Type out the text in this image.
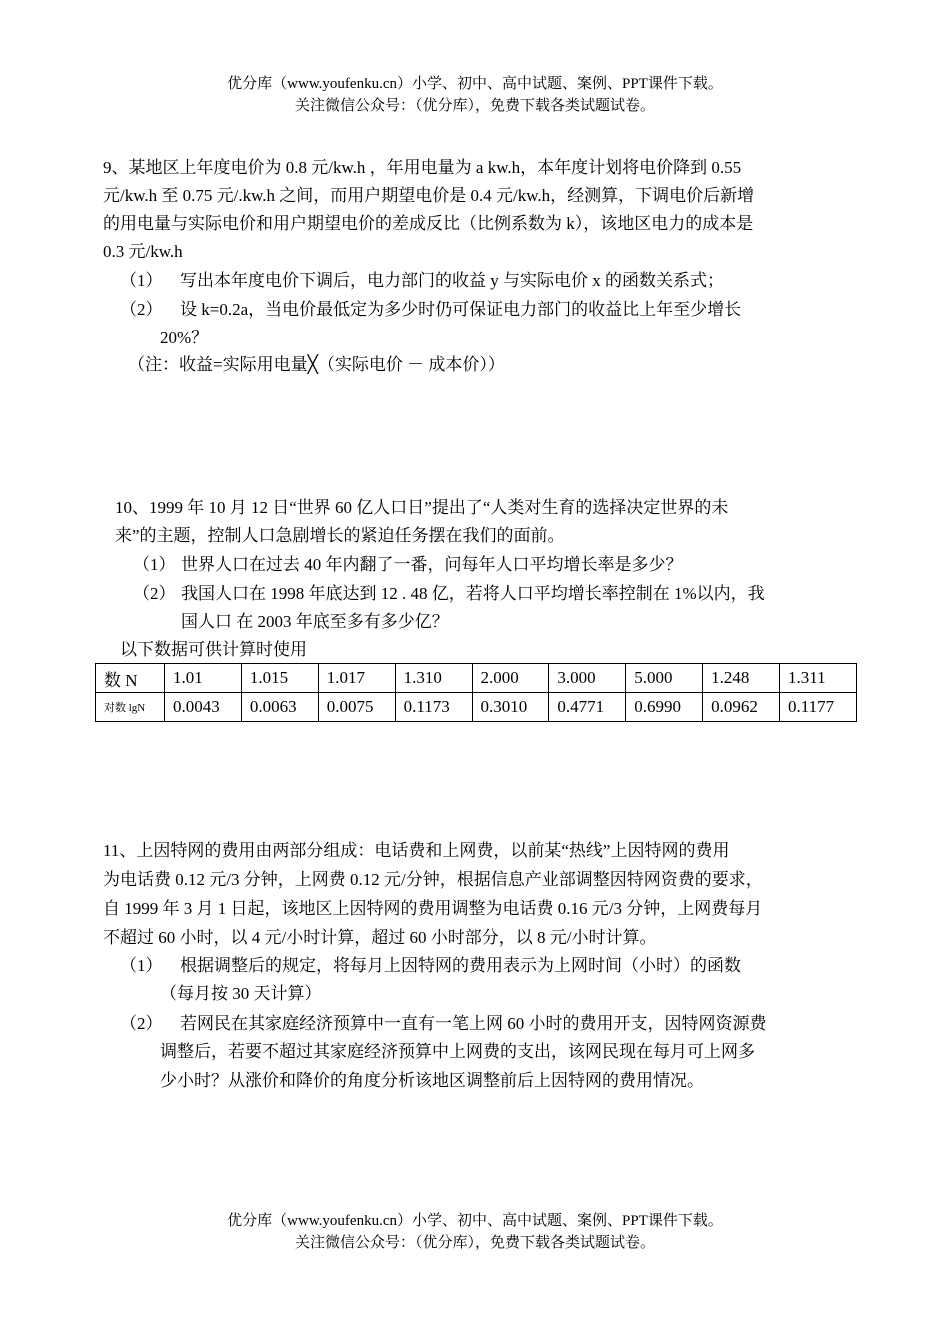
优分库（www.youfenku.cn）小学、初中、高中试题、案例、PPT课件下载。
关注微信公众号：（优分库），免费下载各类试题试卷。
9、某地区上年度电价为 0.8 元/kw.h ，年用电量为 a kw.h，本年度计划将电价降到 0.55
元/kw.h 至 0.75 元/.kw.h 之间，而用户期望电价是 0.4 元/kw.h，经测算，下调电价后新增
的用电量与实际电价和用户期望电价的差成反比（比例系数为 k），该地区电力的成本是
0.3 元/kw.h
（1） 写出本年度电价下调后，电力部门的收益 y 与实际电价 x 的函数关系式；
（2） 设 k=0.2a，当电价最低定为多少时仍可保证电力部门的收益比上年至少增长
20%？
（注：收益=实际用电量╳（实际电价 － 成本价））
10、1999 年 10 月 12 日“世界 60 亿人口日”提出了“人类对生育的选择决定世界的未
来”的主题，控制人口急剧增长的紧迫任务摆在我们的面前。
（1） 世界人口在过去 40 年内翻了一番，问每年人口平均增长率是多少？
（2） 我国人口在 1998 年底达到 12 . 48 亿，若将人口平均增长率控制在 1%以内，我
国人口 在 2003 年底至多有多少亿？
以下数据可供计算时使用
数 N	1.01	1.015	1.017	1.310	2.000	3.000	5.000	1.248	1.311
对数 lgN	0.0043	0.0063	0.0075	0.1173	0.3010	0.4771	0.6990	0.0962	0.1177
11、上因特网的费用由两部分组成：电话费和上网费，以前某“热线”上因特网的费用
为电话费 0.12 元/3 分钟，上网费 0.12 元/分钟，根据信息产业部调整因特网资费的要求，
自 1999 年 3 月 1 日起，该地区上因特网的费用调整为电话费 0.16 元/3 分钟，上网费每月
不超过 60 小时，以 4 元/小时计算，超过 60 小时部分，以 8 元/小时计算。
（1） 根据调整后的规定，将每月上因特网的费用表示为上网时间（小时）的函数
（每月按 30 天计算）
（2） 若网民在其家庭经济预算中一直有一笔上网 60 小时的费用开支，因特网资源费
调整后，若要不超过其家庭经济预算中上网费的支出，该网民现在每月可上网多
少小时？从涨价和降价的角度分析该地区调整前后上因特网的费用情况。
优分库（www.youfenku.cn）小学、初中、高中试题、案例、PPT课件下载。
关注微信公众号：（优分库），免费下载各类试题试卷。
